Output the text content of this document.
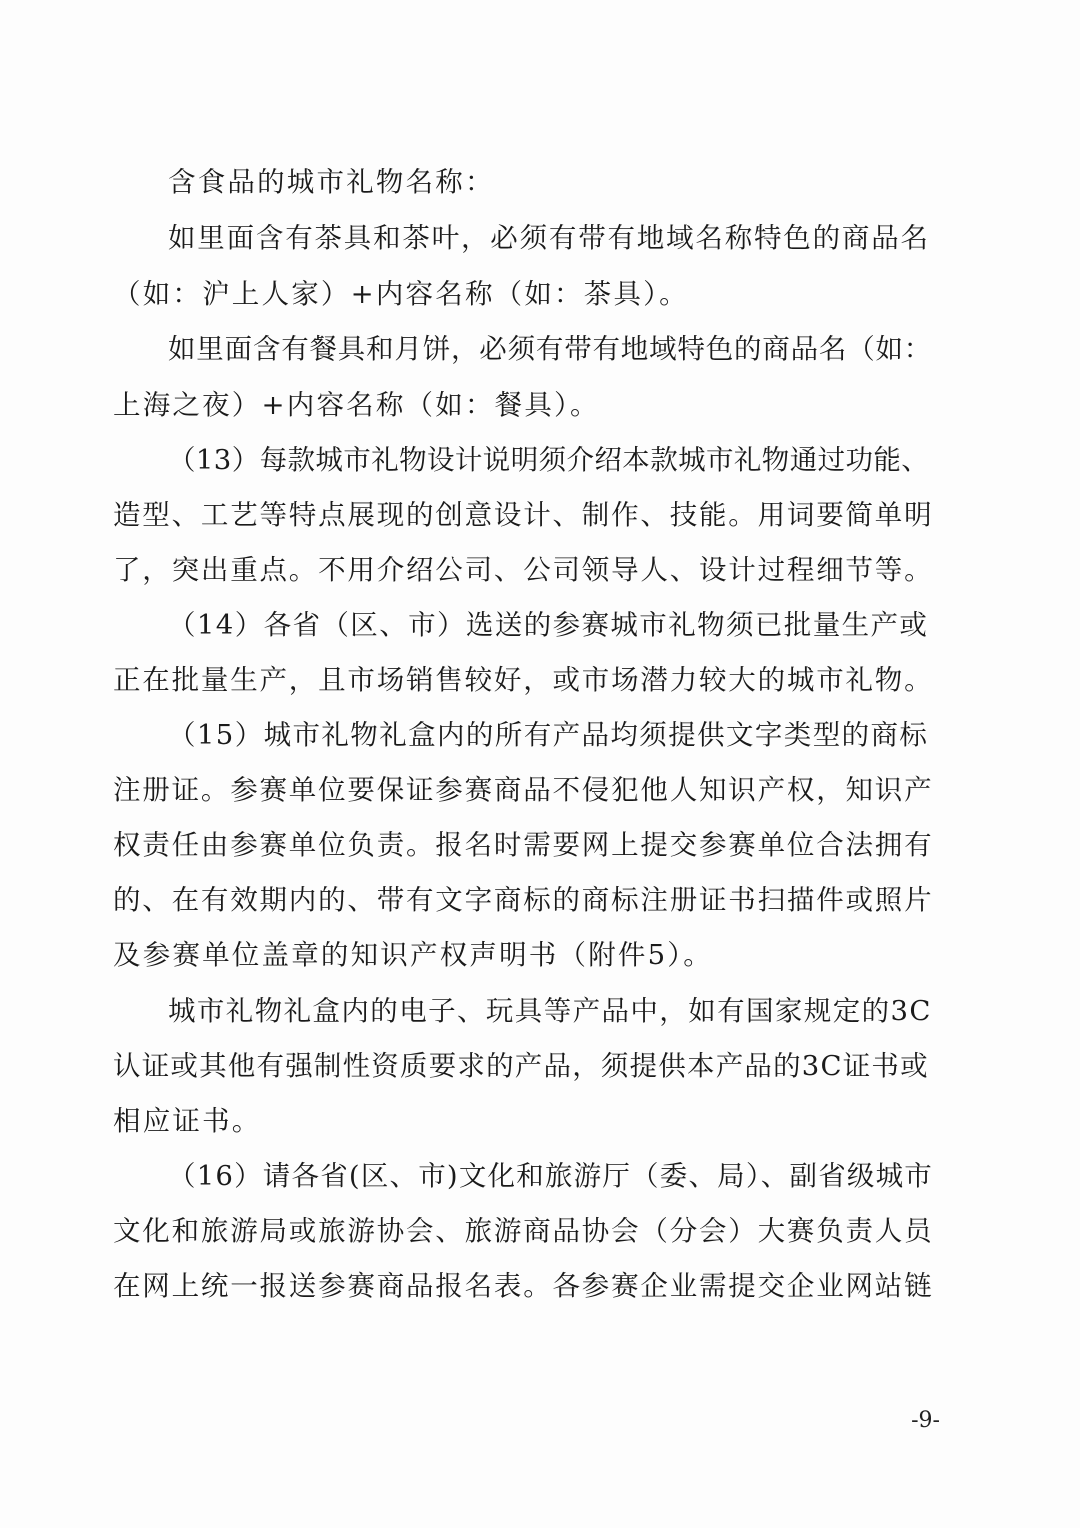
含食品的城市礼物名称：
如里面含有茶具和茶叶，必须有带有地域名称特色的商品名
（如：沪上人家）+内容名称（如：茶具）。
如里面含有餐具和月饼，必须有带有地域特色的商品名（如：
上海之夜）+内容名称（如：餐具）。
（13）每款城市礼物设计说明须介绍本款城市礼物通过功能、
造型、工艺等特点展现的创意设计、制作、技能。用词要简单明
了，突出重点。不用介绍公司、公司领导人、设计过程细节等。
（14）各省（区、市）选送的参赛城市礼物须已批量生产或
正在批量生产，且市场销售较好，或市场潜力较大的城市礼物。
（15）城市礼物礼盒内的所有产品均须提供文字类型的商标
注册证。参赛单位要保证参赛商品不侵犯他人知识产权，知识产
权责任由参赛单位负责。报名时需要网上提交参赛单位合法拥有
的、在有效期内的、带有文字商标的商标注册证书扫描件或照片
及参赛单位盖章的知识产权声明书（附件5）。
城市礼物礼盒内的电子、玩具等产品中，如有国家规定的3C
认证或其他有强制性资质要求的产品，须提供本产品的3C证书或
相应证书。
（16）请各省(区、市)文化和旅游厅（委、局）、副省级城市
文化和旅游局或旅游协会、旅游商品协会（分会）大赛负责人员
在网上统一报送参赛商品报名表。各参赛企业需提交企业网站链
-9-
